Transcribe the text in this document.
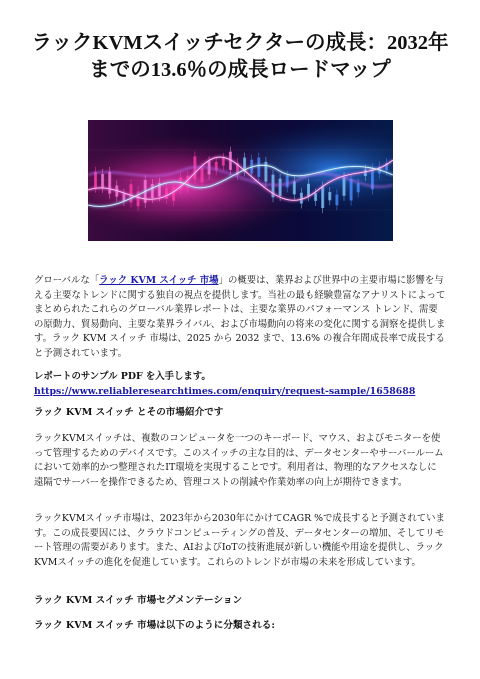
ラックKVMスイッチセクターの成長：2032年
までの13.6％の成長ロードマップ

グローバルな「ラック KVM スイッチ 市場」の概要は、業界および世界中の主要市場に影響を与える主要なトレンドに関する独自の視点を提供します。当社の最も経験豊富なアナリストによってまとめられたこれらのグローバル業界レポートは、主要な業界のパフォーマンス トレンド、需要の原動力、貿易動向、主要な業界ライバル、および市場動向の将来の変化に関する洞察を提供します。ラック KVM スイッチ 市場は、2025 から 2032 まで、13.6% の複合年間成長率で成長すると予測されています。

レポートのサンプル PDF を入手します。 https://www.reliableresearchtimes.com/enquiry/request-sample/1658688

ラック KVM スイッチ とその市場紹介です

ラックKVMスイッチは、複数のコンピュータを一つのキーボード、マウス、およびモニターを使って管理するためのデバイスです。このスイッチの主な目的は、データセンターやサーバールームにおいて効率的かつ整理されたIT環境を実現することです。利用者は、物理的なアクセスなしに遠隔でサーバーを操作できるため、管理コストの削減や作業効率の向上が期待できます。

ラックKVMスイッチ市場は、2023年から2030年にかけてCAGR %で成長すると予測されています。この成長要因には、クラウドコンピューティングの普及、データセンターの増加、そしてリモート管理の需要があります。また、AIおよびIoTの技術進展が新しい機能や用途を提供し、ラックKVMスイッチの進化を促進しています。これらのトレンドが市場の未来を形成しています。

ラック KVM スイッチ 市場セグメンテーション
ラック KVM スイッチ 市場は以下のように分類される:
